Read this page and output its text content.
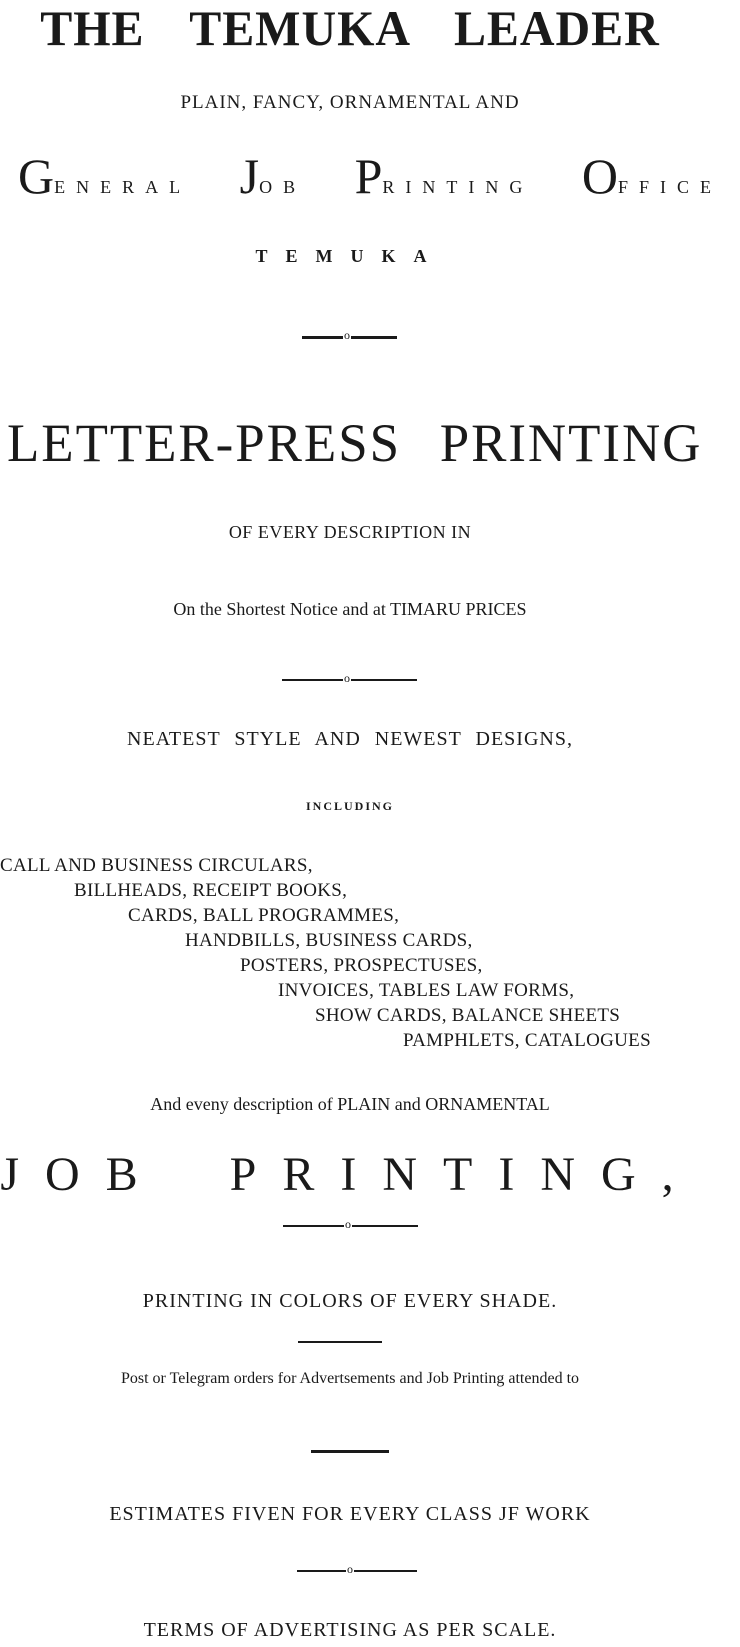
THE TEMUKA LEADER
PLAIN, FANCY, ORNAMENTAL AND
GENERAL JOB PRINTING OFFICE
TEMUKA
o
LETTER-PRESS PRINTING
OF EVERY DESCRIPTION IN
On the Shortest Notice and at TIMARU PRICES
o
NEATEST STYLE AND NEWEST DESIGNS,
INCLUDING
CALL AND BUSINESS CIRCULARS,
BILLHEADS, RECEIPT BOOKS,
CARDS, BALL PROGRAMMES,
HANDBILLS, BUSINESS CARDS,
POSTERS, PROSPECTUSES,
INVOICES, TABLES LAW FORMS,
SHOW CARDS, BALANCE SHEETS
PAMPHLETS, CATALOGUES
And eveny description of PLAIN and ORNAMENTAL
JOB PRINTING,
o
PRINTING IN COLORS OF EVERY SHADE.
Post or Telegram orders for Advertsements and Job Printing attended to
ESTIMATES FIVEN FOR EVERY CLASS JF WORK
o
TERMS OF ADVERTISING AS PER SCALE.
